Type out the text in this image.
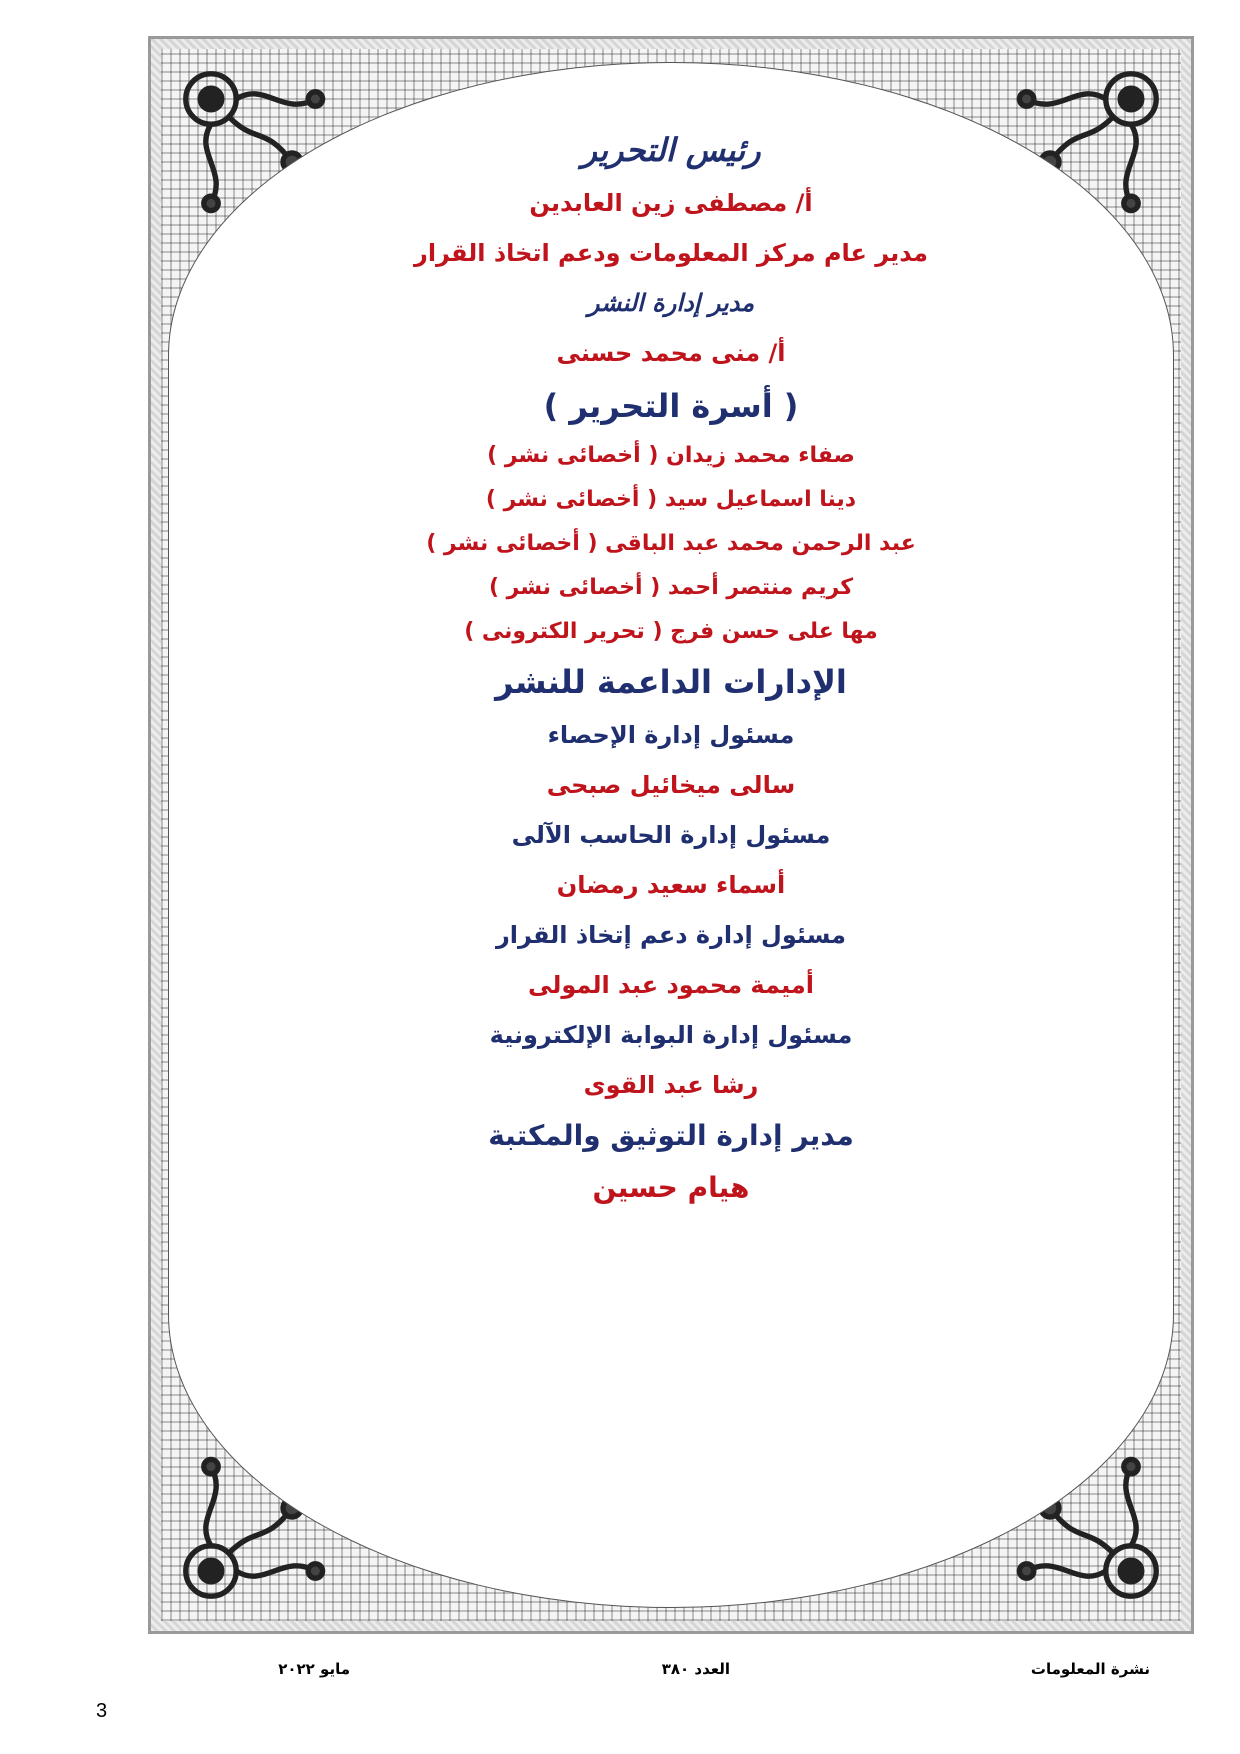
رئيس التحرير

أ/ مصطفى زين العابدين

مدير عام مركز المعلومات ودعم اتخاذ القرار

مدير إدارة النشر

أ/ منى محمد حسنى

( أسرة التحرير )

صفاء محمد زيدان ( أخصائى نشر )

دينا اسماعيل سيد ( أخصائى نشر )

عبد الرحمن محمد عبد الباقى ( أخصائى نشر )

كريم منتصر أحمد ( أخصائى نشر )

مها على حسن فرج ( تحرير الكترونى )

الإدارات الداعمة للنشر

مسئول إدارة الإحصاء

سالى ميخائيل صبحى

مسئول إدارة الحاسب الآلى

أسماء سعيد رمضان

مسئول إدارة دعم إتخاذ القرار

أميمة محمود عبد المولى

مسئول إدارة البوابة الإلكترونية

رشا عبد القوى

مدير إدارة التوثيق والمكتبة

هيام حسين

نشرة المعلومات
العدد ٣٨٠
مايو ٢٠٢٢
3
